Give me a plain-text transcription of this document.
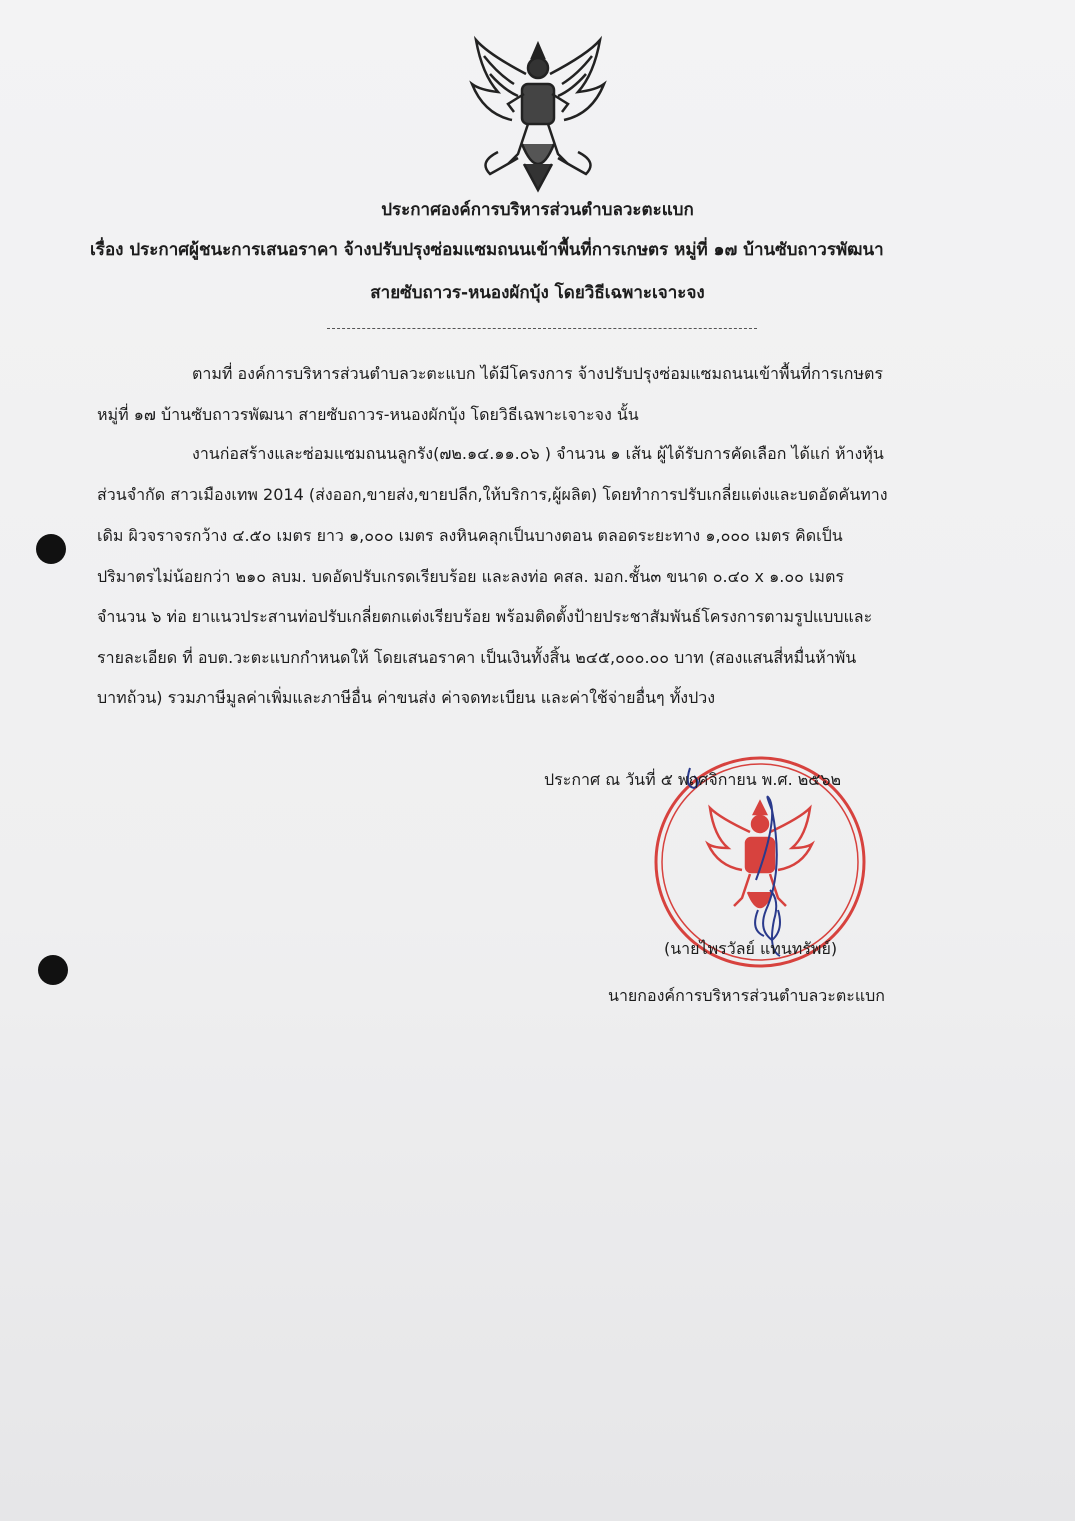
ประกาศองค์การบริหารส่วนตำบลวะตะแบก

เรื่อง ประกาศผู้ชนะการเสนอราคา จ้างปรับปรุงซ่อมแซมถนนเข้าพื้นที่การเกษตร หมู่ที่ ๑๗ บ้านซับถาวรพัฒนา

สายซับถาวร-หนองผักบุ้ง โดยวิธีเฉพาะเจาะจง

ตามที่ องค์การบริหารส่วนตำบลวะตะแบก ได้มีโครงการ จ้างปรับปรุงซ่อมแซมถนนเข้าพื้นที่การเกษตร
หมู่ที่ ๑๗ บ้านซับถาวรพัฒนา สายซับถาวร-หนองผักบุ้ง โดยวิธีเฉพาะเจาะจง นั้น
งานก่อสร้างและซ่อมแซมถนนลูกรัง(๗๒.๑๔.๑๑.๐๖ ) จำนวน ๑ เส้น ผู้ได้รับการคัดเลือก ได้แก่ ห้างหุ้น
ส่วนจำกัด สาวเมืองเทพ 2014 (ส่งออก,ขายส่ง,ขายปลีก,ให้บริการ,ผู้ผลิต) โดยทำการปรับเกลี่ยแต่งและบดอัดคันทาง
เดิม ผิวจราจรกว้าง ๔.๕๐ เมตร ยาว ๑,๐๐๐ เมตร ลงหินคลุกเป็นบางตอน ตลอดระยะทาง ๑,๐๐๐ เมตร คิดเป็น
ปริมาตรไม่น้อยกว่า ๒๑๐ ลบม. บดอัดปรับเกรดเรียบร้อย และลงท่อ คสล. มอก.ชั้น๓ ขนาด ๐.๔๐ x ๑.๐๐ เมตร
จำนวน ๖ ท่อ ยาแนวประสานท่อปรับเกลี่ยตกแต่งเรียบร้อย พร้อมติดตั้งป้ายประชาสัมพันธ์โครงการตามรูปแบบและ
รายละเอียด ที่ อบต.วะตะแบกกำหนดให้ โดยเสนอราคา เป็นเงินทั้งสิ้น ๒๔๕,๐๐๐.๐๐ บาท (สองแสนสี่หมื่นห้าพัน
บาทถ้วน) รวมภาษีมูลค่าเพิ่มและภาษีอื่น ค่าขนส่ง ค่าจดทะเบียน และค่าใช้จ่ายอื่นๆ ทั้งปวง
ประกาศ ณ วันที่ ๕ พฤศจิกายน พ.ศ. ๒๕๖๒
(นายไพรวัลย์ แทนทรัพย์)
นายกองค์การบริหารส่วนตำบลวะตะแบก
